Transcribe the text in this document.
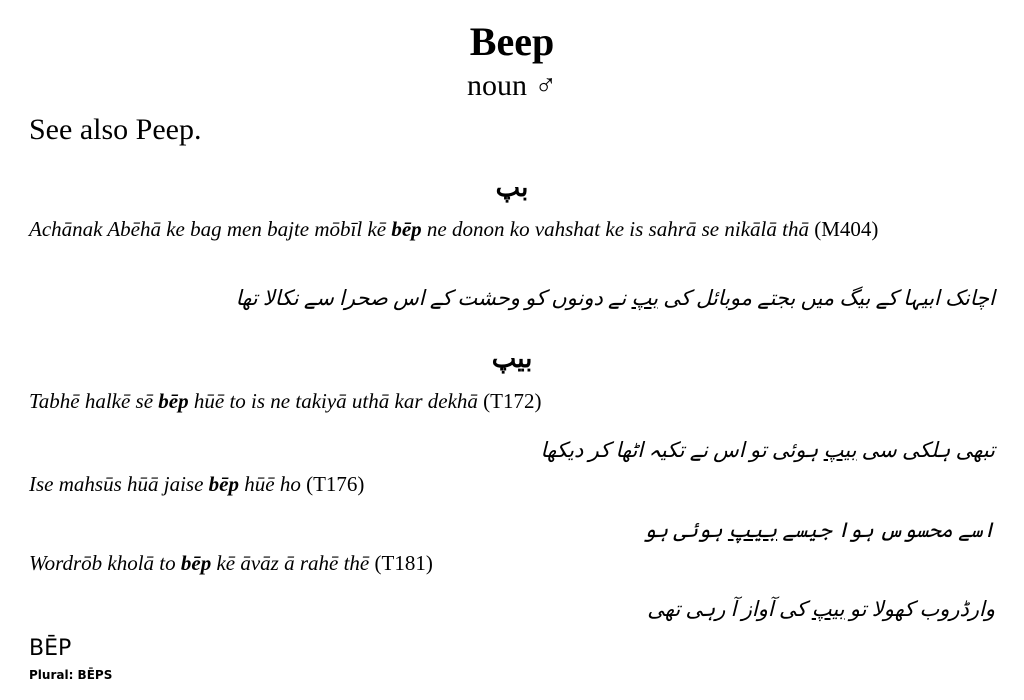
Beep
noun ♂
See also Peep.
بپ
Achānak Abēhā ke bag men bajte mōbīl kē bēp ne donon ko vahshat ke is sahrā se nikālā thā (M404)
اچانک ابیہا کے بیگ میں بجتے موبائل کی بپ نے دونوں کو وحشت کے اس صحرا سے نکالا تھا
بیپ
Tabhē halkē sē bēp hūē to is ne takiyā uthā kar dekhā (T172)
تبھی ہلکی سی بیپ ہوئی تو اس نے تکیہ اٹھا کر دیکھا
Ise mahsūs hūā jaise bēp hūē ho (T176)
اسے محسوس ہوا جیسے بیپ ہوئی ہو
Wordrōb kholā to bēp kē āvāz ā rahē thē (T181)
وارڈروب کھولا تو بیپ کی آواز آ رہی تھی
BĒP
Plural: BĒPS
